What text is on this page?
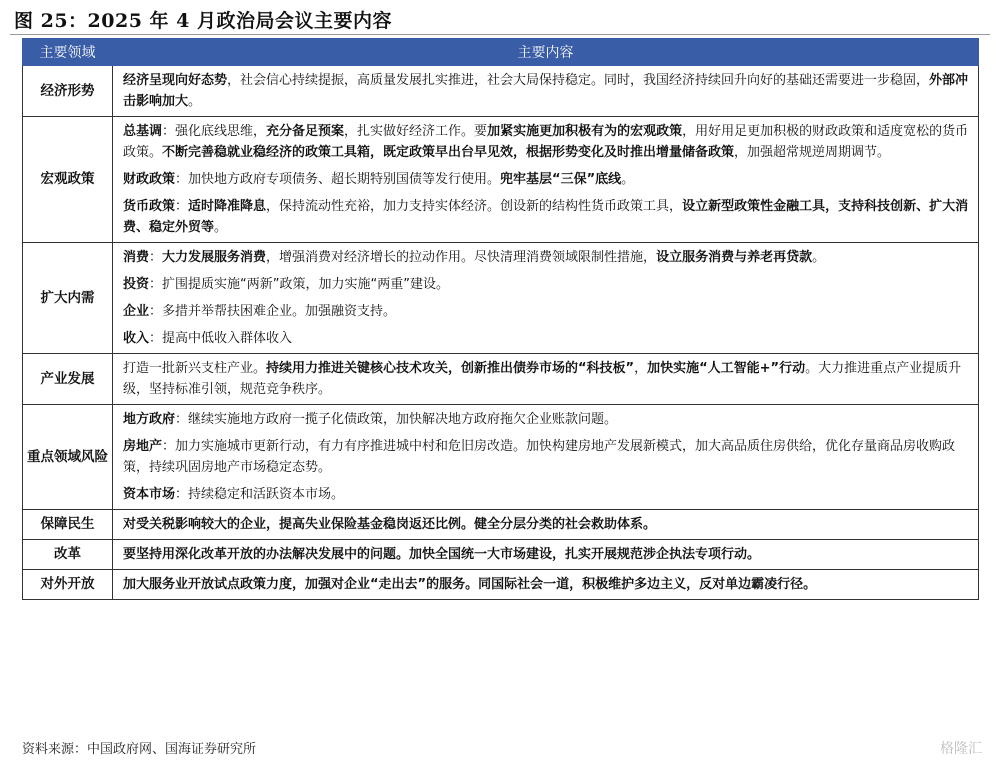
图 25：2025 年 4 月政治局会议主要内容
主要领域	主要内容
经济形势	经济呈现向好态势，社会信心持续提振，高质量发展扎实推进，社会大局保持稳定。同时，我国经济持续回升向好的基础还需要进一步稳固，外部冲击影响加大。

宏观政策	总基调：强化底线思维，充分备足预案，扎实做好经济工作。要加紧实施更加积极有为的宏观政策，用好用足更加积极的财政政策和适度宽松的货币政策。不断完善稳就业稳经济的政策工具箱，既定政策早出台早见效，根据形势变化及时推出增量储备政策，加强超常规逆周期调节。
财政政策：加快地方政府专项债务、超长期特别国债等发行使用。兜牢基层“三保”底线。
货币政策：适时降准降息，保持流动性充裕，加力支持实体经济。创设新的结构性货币政策工具，设立新型政策性金融工具，支持科技创新、扩大消费、稳定外贸等。

扩大内需	消费：大力发展服务消费，增强消费对经济增长的拉动作用。尽快清理消费领域限制性措施，设立服务消费与养老再贷款。
投资：扩围提质实施“两新”政策，加力实施“两重”建设。
企业：多措并举帮扶困难企业。加强融资支持。
收入：提高中低收入群体收入

产业发展	打造一批新兴支柱产业。持续用力推进关键核心技术攻关，创新推出债券市场的“科技板”，加快实施“人工智能+”行动。大力推进重点产业提质升级，坚持标准引领，规范竞争秩序。

重点领域风险	地方政府：继续实施地方政府一揽子化债政策，加快解决地方政府拖欠企业账款问题。
房地产：加力实施城市更新行动，有力有序推进城中村和危旧房改造。加快构建房地产发展新模式，加大高品质住房供给，优化存量商品房收购政策，持续巩固房地产市场稳定态势。
资本市场：持续稳定和活跃资本市场。

保障民生	对受关税影响较大的企业，提高失业保险基金稳岗返还比例。健全分层分类的社会救助体系。

改革	要坚持用深化改革开放的办法解决发展中的问题。加快全国统一大市场建设，扎实开展规范涉企执法专项行动。

对外开放	加大服务业开放试点政策力度，加强对企业“走出去”的服务。同国际社会一道，积极维护多边主义，反对单边霸凌行径。
资料来源：中国政府网、国海证券研究所	格隆汇
